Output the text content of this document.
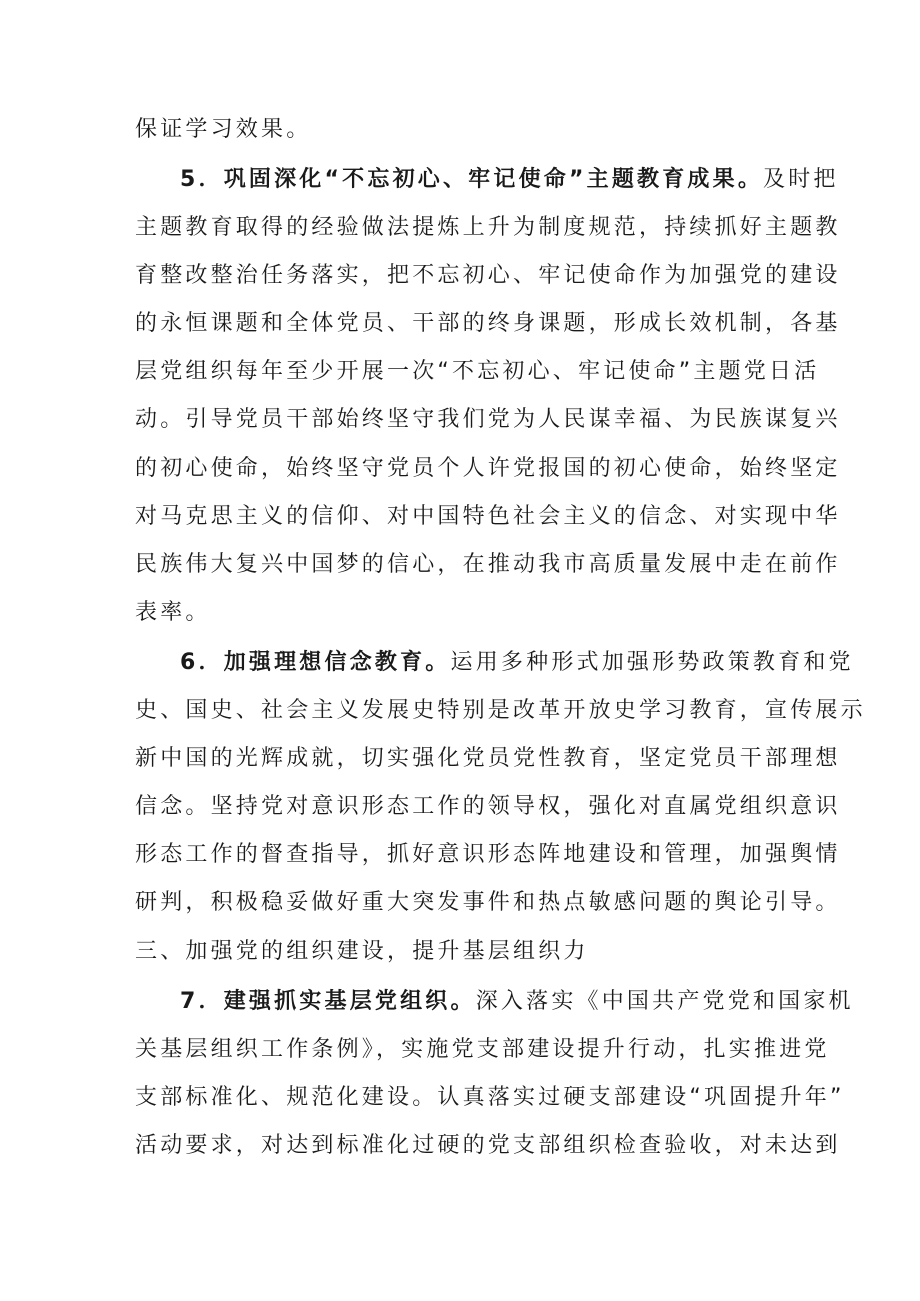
保证学习效果。
5．巩固深化“不忘初心、牢记使命”主题教育成果。及时把
主题教育取得的经验做法提炼上升为制度规范，持续抓好主题教
育整改整治任务落实，把不忘初心、牢记使命作为加强党的建设
的永恒课题和全体党员、干部的终身课题，形成长效机制，各基
层党组织每年至少开展一次“不忘初心、牢记使命”主题党日活
动。引导党员干部始终坚守我们党为人民谋幸福、为民族谋复兴
的初心使命，始终坚守党员个人许党报国的初心使命，始终坚定
对马克思主义的信仰、对中国特色社会主义的信念、对实现中华
民族伟大复兴中国梦的信心，在推动我市高质量发展中走在前作
表率。
6．加强理想信念教育。运用多种形式加强形势政策教育和党
史、国史、社会主义发展史特别是改革开放史学习教育，宣传展示
新中国的光辉成就，切实强化党员党性教育，坚定党员干部理想
信念。坚持党对意识形态工作的领导权，强化对直属党组织意识
形态工作的督查指导，抓好意识形态阵地建设和管理，加强舆情
研判，积极稳妥做好重大突发事件和热点敏感问题的舆论引导。
三、加强党的组织建设，提升基层组织力
7．建强抓实基层党组织。深入落实《中国共产党党和国家机
关基层组织工作条例》，实施党支部建设提升行动，扎实推进党
支部标准化、规范化建设。认真落实过硬支部建设“巩固提升年”
活动要求，对达到标准化过硬的党支部组织检查验收，对未达到
